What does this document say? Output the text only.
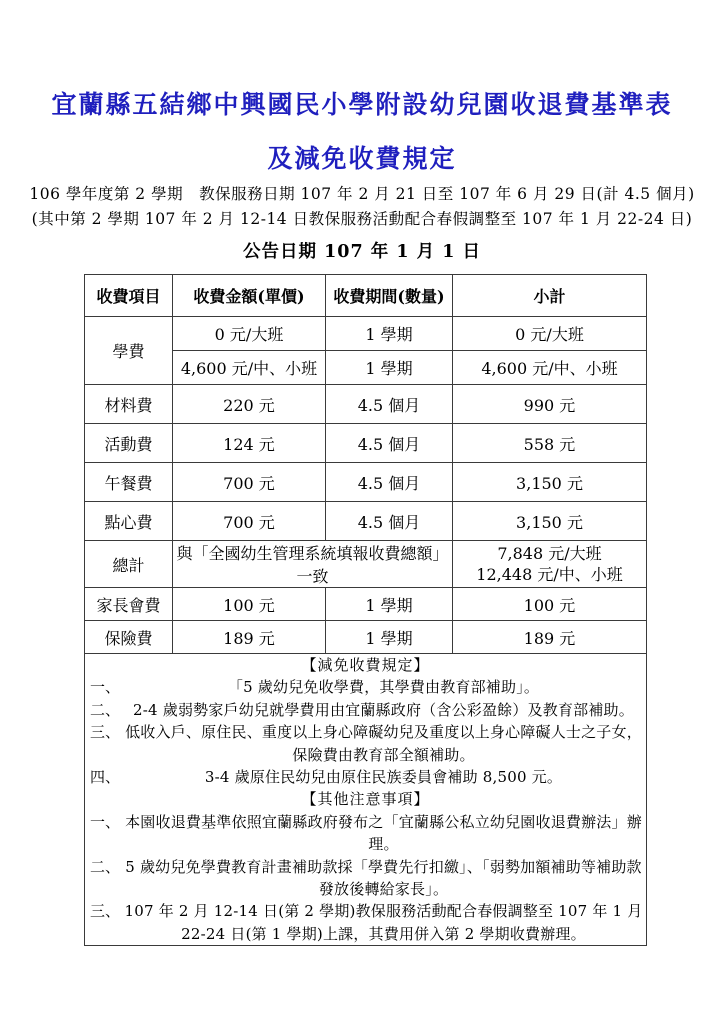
宜蘭縣五結鄉中興國民小學附設幼兒園收退費基準表
及減免收費規定
106 學年度第 2 學期　教保服務日期 107 年 2 月 21 日至 107 年 6 月 29 日(計 4.5 個月)
(其中第 2 學期 107 年 2 月 12-14 日教保服務活動配合春假調整至 107 年 1 月 22-24 日)
公告日期 107 年 1 月 1 日
收費項目	收費金額(單價)	收費期間(數量)	小計
學費	0 元/大班	1 學期	0 元/大班
	4,600 元/中、小班	1 學期	4,600 元/中、小班
材料費	220 元	4.5 個月	990 元
活動費	124 元	4.5 個月	558 元
午餐費	700 元	4.5 個月	3,150 元
點心費	700 元	4.5 個月	3,150 元
總計	與「全國幼生管理系統填報收費總額」一致		7,848 元/大班
12,448 元/中、小班

家長會費	100 元	1 學期	100 元
保險費	189 元	1 學期	189 元

【減免收費規定】
一、	「5 歲幼兒免收學費，其學費由教育部補助」。
二、 2-4 歲弱勢家戶幼兒就學費用由宜蘭縣政府（含公彩盈餘）及教育部補助。
三、 低收入戶、原住民、重度以上身心障礙幼兒及重度以上身心障礙人士之子女，保險費由教育部全額補助。
四、	3-4 歲原住民幼兒由原住民族委員會補助 8,500 元。
【其他注意事項】
一、 本園收退費基準依照宜蘭縣政府發布之「宜蘭縣公私立幼兒園收退費辦法」辦理。
二、 5 歲幼兒免學費教育計畫補助款採「學費先行扣繳」、「弱勢加額補助等補助款發放後轉給家長」。
三、 107 年 2 月 12-14 日(第 2 學期)教保服務活動配合春假調整至 107 年 1 月 22-24 日(第 1 學期)上課，其費用併入第 2 學期收費辦理。
